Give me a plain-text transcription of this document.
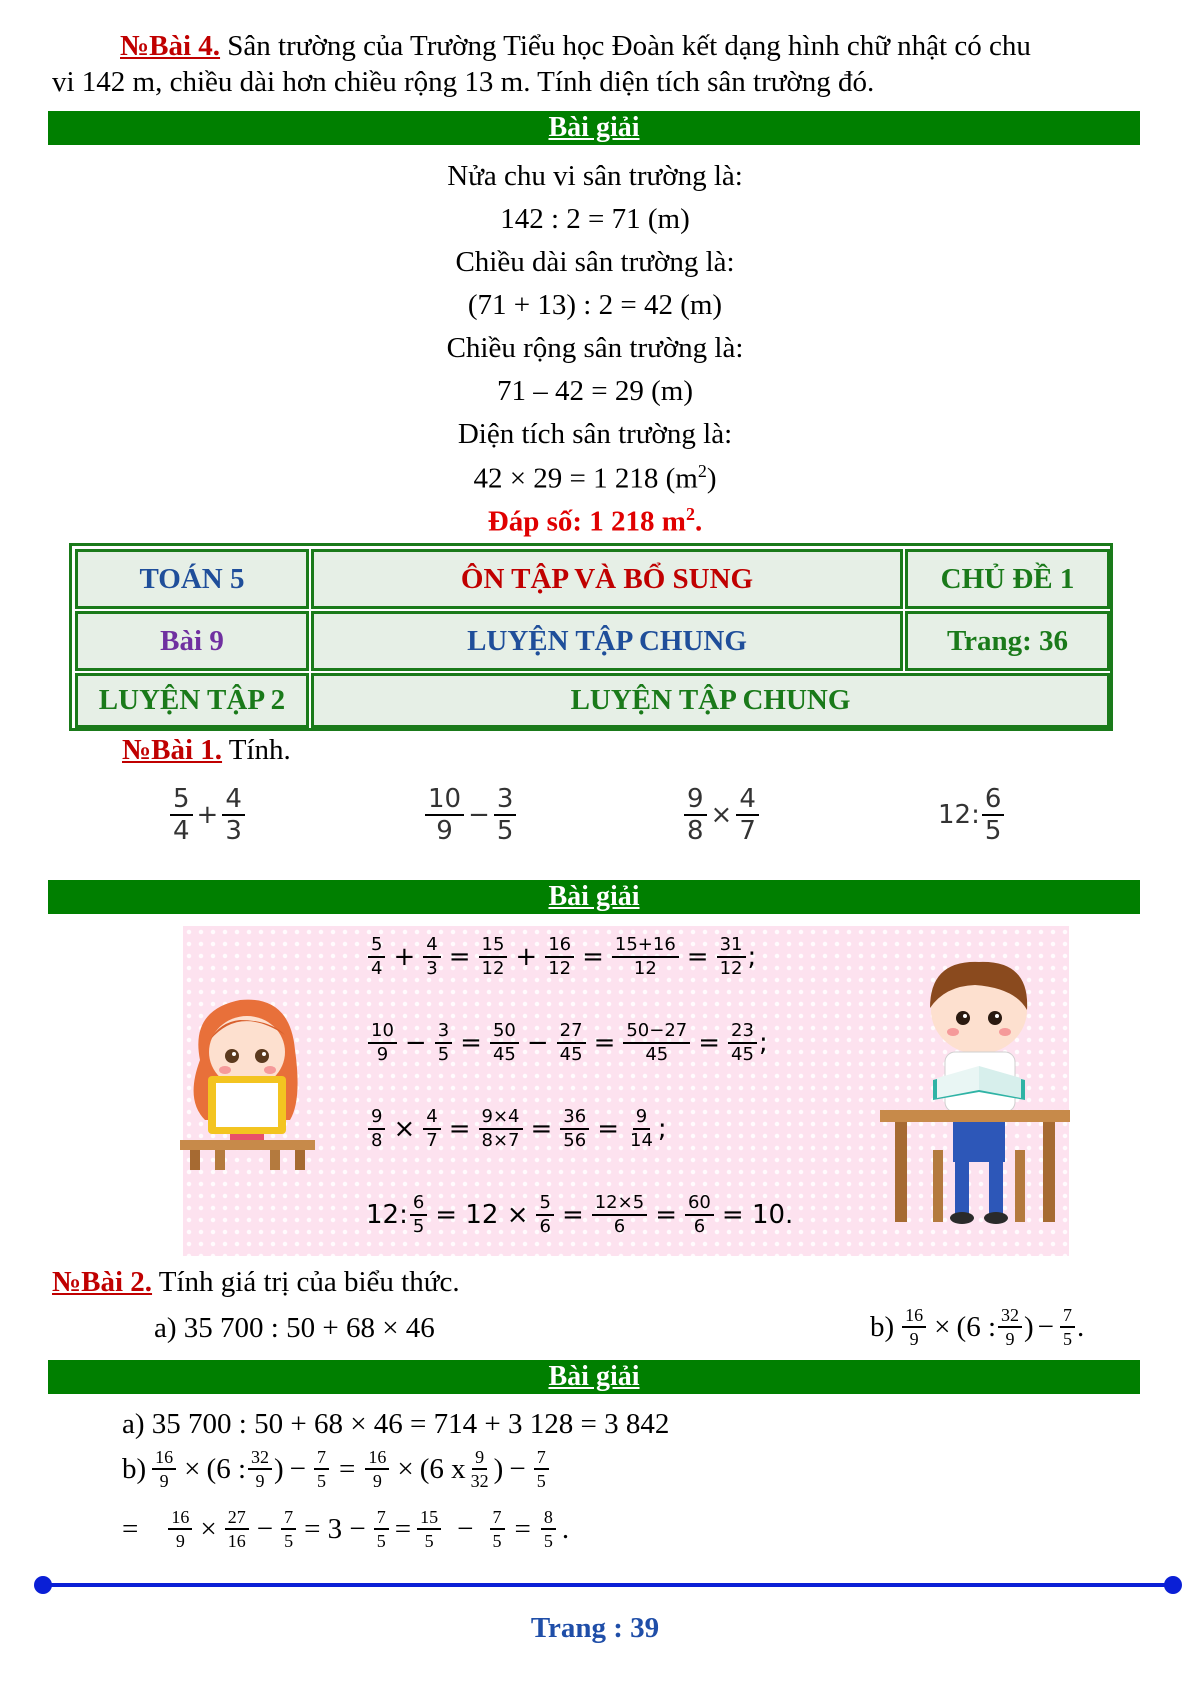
№Bài 4. Sân trường của Trường Tiểu học Đoàn kết dạng hình chữ nhật có chu
vi 142 m, chiều dài hơn chiều rộng 13 m. Tính diện tích sân trường đó.
Bài giải
Nửa chu vi sân trường là:
142 : 2 = 71 (m)
Chiều dài sân trường là:
(71 + 13) : 2 = 42 (m)
Chiều rộng sân trường là:
71 – 42 = 29 (m)
Diện tích sân trường là:
42 × 29 = 1 218 $(m^2)$
Đáp số: 1 218 $m^2$.
TOÁN 5	ÔN TẬP VÀ BỔ SUNG	CHỦ ĐỀ 1
Bài 9	LUYỆN TẬP CHUNG	Trang: 36
LUYỆN TẬP 2	LUYỆN TẬP CHUNG
№Bài 1. Tính.
$\frac{5}{4} + \frac{4}{3}$	$\frac{10}{9} - \frac{3}{5}$	$\frac{9}{8} \times \frac{4}{7}$	12 : $\frac{6}{5}$
Bài giải
$\frac{5}{4} + \frac{4}{3} = \frac{15}{12} + \frac{16}{12} = \frac{15+16}{12} = \frac{31}{12}$ ;
$\frac{10}{9} - \frac{3}{5} = \frac{50}{45} - \frac{27}{45} = \frac{50-27}{45} = \frac{23}{45}$ ;
$\frac{9}{8} \times \frac{4}{7} = \frac{9\times 4}{8\times 7} = \frac{36}{56} = \frac{9}{14}$ ;
12: $\frac{6}{5} = 12 \times \frac{5}{6} = \frac{12\times 5}{6} = \frac{60}{6} = 10$.
№Bài 2. Tính giá trị của biểu thức.
a) 35 700 : 50 + 68 × 46	$b) \frac{16}{9} \times (6$ : $\frac{32}{9}$ ) − $\frac{7}{5}$ .
Bài giải
a) 35 700 : 50 + 68 × 46 = 714 + 3 128 = 3 842
$b) \frac{16}{9} \times (6$ : $\frac{32}{9}$ ) − $\frac{7}{5} = \frac{16}{9} \times (6$ x $\frac{9}{32}$ ) − $\frac{7}{5}$
= $\frac{16}{9} \times \frac{27}{16} - \frac{7}{5} = 3 - \frac{7}{5} = \frac{15}{5} - \frac{7}{5} = \frac{8}{5}$ .
Trang : 39
